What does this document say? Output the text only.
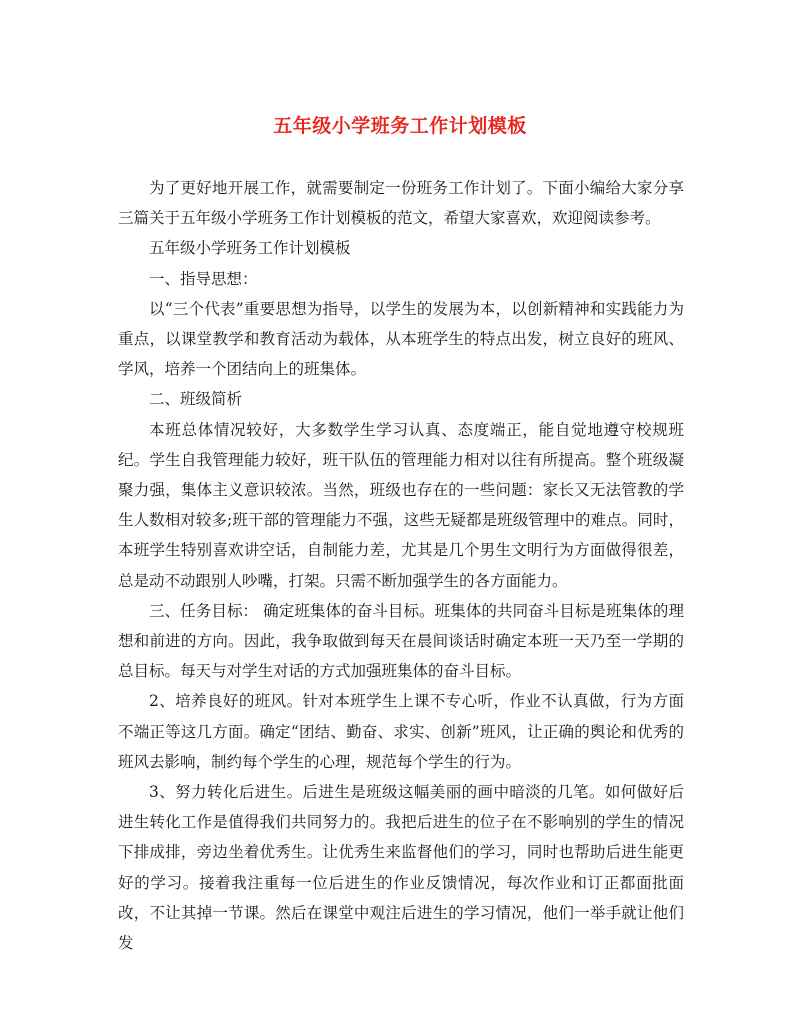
五年级小学班务工作计划模板

为了更好地开展工作，就需要制定一份班务工作计划了。下面小编给大家分享三篇关于五年级小学班务工作计划模板的范文，希望大家喜欢，欢迎阅读参考。

五年级小学班务工作计划模板

一、指导思想：

以“三个代表”重要思想为指导，以学生的发展为本，以创新精神和实践能力为重点，以课堂教学和教育活动为载体，从本班学生的特点出发，树立良好的班风、学风，培养一个团结向上的班集体。

二、班级简析

本班总体情况较好，大多数学生学习认真、态度端正，能自觉地遵守校规班纪。学生自我管理能力较好，班干队伍的管理能力相对以往有所提高。整个班级凝聚力强，集体主义意识较浓。当然，班级也存在的一些问题：家长又无法管教的学生人数相对较多;班干部的管理能力不强，这些无疑都是班级管理中的难点。同时，本班学生特别喜欢讲空话，自制能力差，尤其是几个男生文明行为方面做得很差，总是动不动跟别人吵嘴，打架。只需不断加强学生的各方面能力。

三、任务目标： 确定班集体的奋斗目标。班集体的共同奋斗目标是班集体的理想和前进的方向。因此，我争取做到每天在晨间谈话时确定本班一天乃至一学期的总目标。每天与对学生对话的方式加强班集体的奋斗目标。

2、培养良好的班风。针对本班学生上课不专心听，作业不认真做，行为方面不端正等这几方面。确定“团结、勤奋、求实、创新”班风，让正确的舆论和优秀的班风去影响，制约每个学生的心理，规范每个学生的行为。

3、努力转化后进生。后进生是班级这幅美丽的画中暗淡的几笔。如何做好后进生转化工作是值得我们共同努力的。我把后进生的位子在不影响别的学生的情况下排成排，旁边坐着优秀生。让优秀生来监督他们的学习，同时也帮助后进生能更好的学习。接着我注重每一位后进生的作业反馈情况，每次作业和订正都面批面改，不让其掉一节课。然后在课堂中观注后进生的学习情况，他们一举手就让他们发
